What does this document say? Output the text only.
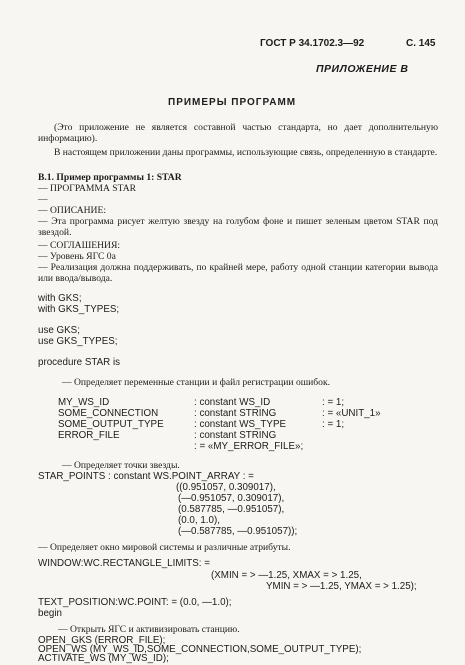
ГОСТ Р 34.1702.3—92	С. 145
ПРИЛОЖЕНИЕ В
ПРИМЕРЫ ПРОГРАММ
(Это приложение не является составной частью стандарта, но дает дополнительную информацию).
В настоящем приложении даны программы, использующие связь, определенную в стандарте.
В.1. Пример программы 1: STAR
— ПРОГРАММА STAR
—
— ОПИСАНИЕ:
— Эта программа рисует желтую звезду на голубом фоне и пишет зеленым цветом STAR под звездой.
— СОГЛАШЕНИЯ:
— Уровень ЯГС 0а
— Реализация должна поддерживать, по крайней мере, работу одной станции категории вывода или ввода/вывода.
with GKS;
with GKS_TYPES;
use GKS;
use GKS_TYPES;
procedure STAR is
— Определяет переменные станции и файл регистрации ошибок.
MY_WS_ID	: constant WS_ID	: = 1;
SOME_CONNECTION	: constant STRING	: = «UNIT_1»
SOME_OUTPUT_TYPE	: constant WS_TYPE	: = 1;
ERROR_FILE	: constant STRING
: = «MY_ERROR_FILE»;
— Определяет точки звезды.
STAR_POINTS : constant WS.POINT_ARRAY : =
((0.951057, 0.309017),
(—0.951057, 0.309017),
(0.587785, —0.951057),
(0.0, 1.0),
(—0.587785, —0.951057));
— Определяет окно мировой системы и различные атрибуты.
WINDOW:WC.RECTANGLE_LIMITS: =
(XMIN = > —1.25, XMAX = > 1.25,
YMIN = > —1.25, YMAX = > 1.25);
TEXT_POSITION:WC.POINT: = (0.0, —1.0);
begin
— Открыть ЯГС и активизировать станцию.
OPEN_GKS (ERROR_FILE);
OPEN_WS (MY_WS_ID,SOME_CONNECTION,SOME_OUTPUT_TYPE);
ACTIVATE_WS (MY_WS_ID);
